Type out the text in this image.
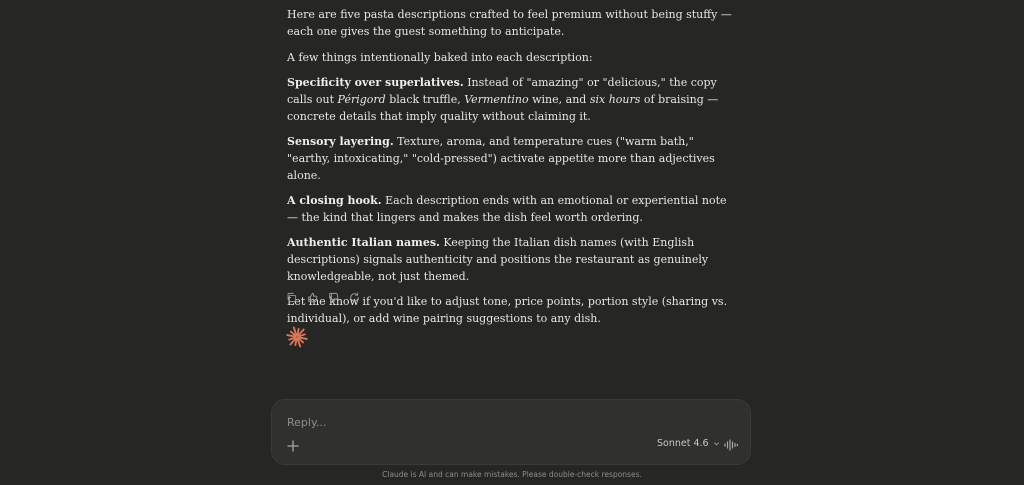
Here are five pasta descriptions crafted to feel premium without being stuffy — each one gives the guest something to anticipate.

A few things intentionally baked into each description:

Specificity over superlatives. Instead of "amazing" or "delicious," the copy calls out Périgord black truffle, Vermentino wine, and six hours of braising — concrete details that imply quality without claiming it.

Sensory layering. Texture, aroma, and temperature cues ("warm bath," "earthy, intoxicating," "cold-pressed") activate appetite more than adjectives alone.

A closing hook. Each description ends with an emotional or experiential note — the kind that lingers and makes the dish feel worth ordering.

Authentic Italian names. Keeping the Italian dish names (with English descriptions) signals authenticity and positions the restaurant as genuinely knowledgeable, not just themed.

Let me know if you'd like to adjust tone, price points, portion style (sharing vs. individual), or add wine pairing suggestions to any dish.

Reply...
Sonnet 4.6
Claude is AI and can make mistakes. Please double-check responses.
